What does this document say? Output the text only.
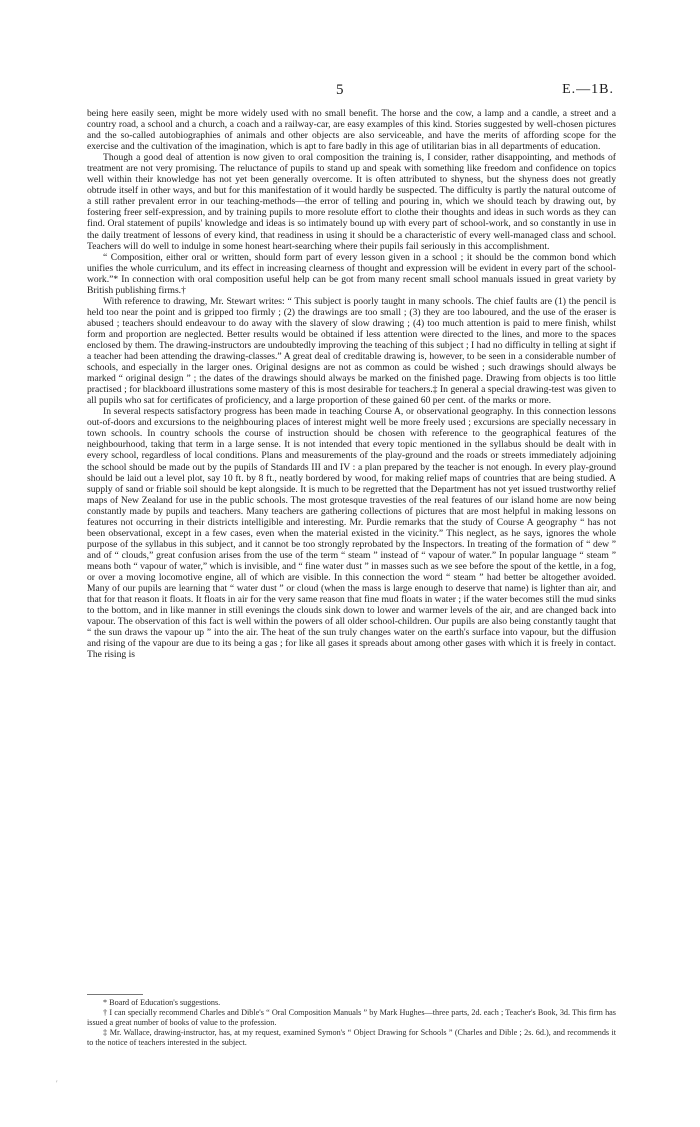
5	E.—1B.

being here easily seen, might be more widely used with no small benefit. The horse and the cow, a lamp and a candle, a street and a country road, a school and a church, a coach and a railway-car, are easy examples of this kind. Stories suggested by well-chosen pictures and the so-called autobiographies of animals and other objects are also serviceable, and have the merits of affording scope for the exercise and the cultivation of the imagination, which is apt to fare badly in this age of utilitarian bias in all departments of education.

Though a good deal of attention is now given to oral composition the training is, I consider, rather disappointing, and methods of treatment are not very promising. The reluctance of pupils to stand up and speak with something like freedom and confidence on topics well within their knowledge has not yet been generally overcome. It is often attributed to shyness, but the shyness does not greatly obtrude itself in other ways, and but for this manifestation of it would hardly be suspected. The difficulty is partly the natural outcome of a still rather prevalent error in our teaching-methods—the error of telling and pouring in, which we should teach by drawing out, by fostering freer self-expression, and by training pupils to more resolute effort to clothe their thoughts and ideas in such words as they can find. Oral statement of pupils' knowledge and ideas is so intimately bound up with every part of school-work, and so constantly in use in the daily treatment of lessons of every kind, that readiness in using it should be a characteristic of every well-managed class and school. Teachers will do well to indulge in some honest heart-searching where their pupils fail seriously in this accomplishment.

“ Composition, either oral or written, should form part of every lesson given in a school ; it should be the common bond which unifies the whole curriculum, and its effect in increasing clearness of thought and expression will be evident in every part of the school-work.”* In connection with oral composition useful help can be got from many recent small school manuals issued in great variety by British publishing firms.†

With reference to drawing, Mr. Stewart writes: “ This subject is poorly taught in many schools. The chief faults are (1) the pencil is held too near the point and is gripped too firmly ; (2) the drawings are too small ; (3) they are too laboured, and the use of the eraser is abused ; teachers should endeavour to do away with the slavery of slow drawing ; (4) too much attention is paid to mere finish, whilst form and proportion are neglected. Better results would be obtained if less attention were directed to the lines, and more to the spaces enclosed by them. The drawing-instructors are undoubtedly improving the teaching of this subject ; I had no difficulty in telling at sight if a teacher had been attending the drawing-classes.” A great deal of creditable drawing is, however, to be seen in a considerable number of schools, and especially in the larger ones. Original designs are not as common as could be wished ; such drawings should always be marked “ original design ” ; the dates of the drawings should always be marked on the finished page. Drawing from objects is too little practised ; for blackboard illustrations some mastery of this is most desirable for teachers.‡ In general a special drawing-test was given to all pupils who sat for certificates of proficiency, and a large proportion of these gained 60 per cent. of the marks or more.

In several respects satisfactory progress has been made in teaching Course A, or observational geography. In this connection lessons out-of-doors and excursions to the neighbouring places of interest might well be more freely used ; excursions are specially necessary in town schools. In country schools the course of instruction should be chosen with reference to the geographical features of the neighbourhood, taking that term in a large sense. It is not intended that every topic mentioned in the syllabus should be dealt with in every school, regardless of local conditions. Plans and measurements of the play-ground and the roads or streets immediately adjoining the school should be made out by the pupils of Standards III and IV : a plan prepared by the teacher is not enough. In every play-ground should be laid out a level plot, say 10 ft. by 8 ft., neatly bordered by wood, for making relief maps of countries that are being studied. A supply of sand or friable soil should be kept alongside. It is much to be regretted that the Department has not yet issued trustworthy relief maps of New Zealand for use in the public schools. The most grotesque travesties of the real features of our island home are now being constantly made by pupils and teachers. Many teachers are gathering collections of pictures that are most helpful in making lessons on features not occurring in their districts intelligible and interesting. Mr. Purdie remarks that the study of Course A geography “ has not been observational, except in a few cases, even when the material existed in the vicinity.” This neglect, as he says, ignores the whole purpose of the syllabus in this subject, and it cannot be too strongly reprobated by the Inspectors. In treating of the formation of “ dew ” and of “ clouds,” great confusion arises from the use of the term “ steam ” instead of “ vapour of water.” In popular language “ steam ” means both “ vapour of water,” which is invisible, and “ fine water dust ” in masses such as we see before the spout of the kettle, in a fog, or over a moving locomotive engine, all of which are visible. In this connection the word “ steam ” had better be altogether avoided. Many of our pupils are learning that “ water dust ” or cloud (when the mass is large enough to deserve that name) is lighter than air, and that for that reason it floats. It floats in air for the very same reason that fine mud floats in water ; if the water becomes still the mud sinks to the bottom, and in like manner in still evenings the clouds sink down to lower and warmer levels of the air, and are changed back into vapour. The observation of this fact is well within the powers of all older school-children. Our pupils are also being constantly taught that “ the sun draws the vapour up ” into the air. The heat of the sun truly changes water on the earth's surface into vapour, but the diffusion and rising of the vapour are due to its being a gas ; for like all gases it spreads about among other gases with which it is freely in contact. The rising is

* Board of Education's suggestions.

† I can specially recommend Charles and Dible's “ Oral Composition Manuals ” by Mark Hughes—three parts, 2d. each ; Teacher's Book, 3d. This firm has issued a great number of books of value to the profession.

‡ Mr. Wallace, drawing-instructor, has, at my request, examined Symon's “ Object Drawing for Schools ” (Charles and Dible ; 2s. 6d.), and recommends it to the notice of teachers interested in the subject.

′
